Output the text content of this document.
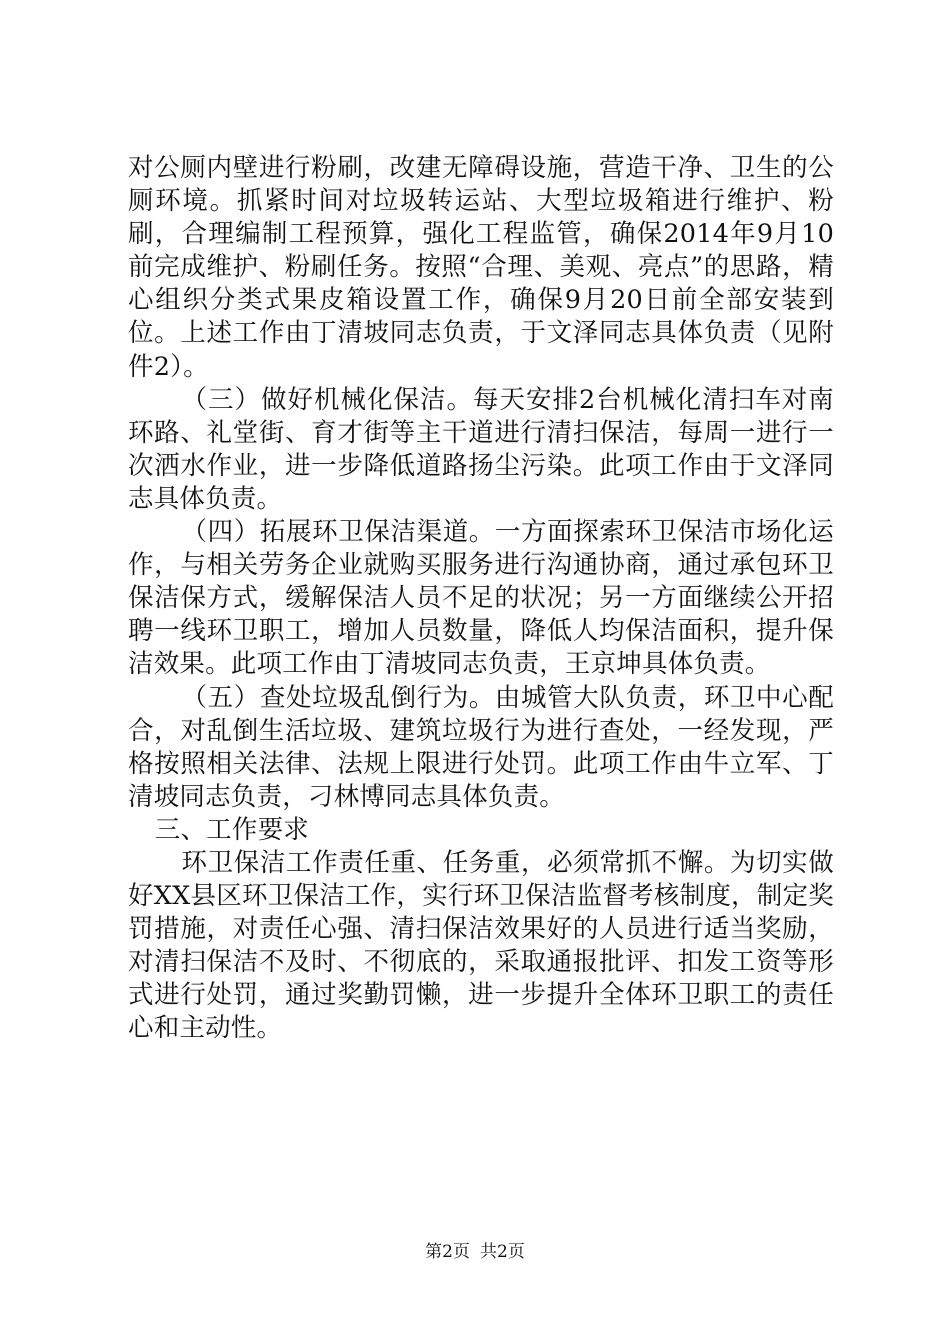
对公厕内壁进行粉刷，改建无障碍设施，营造干净、卫生的公厕环境。抓紧时间对垃圾转运站、大型垃圾箱进行维护、粉刷，合理编制工程预算，强化工程监管，确保2014年9月10前完成维护、粉刷任务。按照“合理、美观、亮点”的思路，精心组织分类式果皮箱设置工作，确保9月20日前全部安装到位。上述工作由丁清坡同志负责，于文泽同志具体负责（见附件2）。

（三）做好机械化保洁。每天安排2台机械化清扫车对南环路、礼堂街、育才街等主干道进行清扫保洁，每周一进行一次洒水作业，进一步降低道路扬尘污染。此项工作由于文泽同志具体负责。

（四）拓展环卫保洁渠道。一方面探索环卫保洁市场化运作，与相关劳务企业就购买服务进行沟通协商，通过承包环卫保洁保方式，缓解保洁人员不足的状况；另一方面继续公开招聘一线环卫职工，增加人员数量，降低人均保洁面积，提升保洁效果。此项工作由丁清坡同志负责，王京坤具体负责。

（五）查处垃圾乱倒行为。由城管大队负责，环卫中心配合，对乱倒生活垃圾、建筑垃圾行为进行查处，一经发现，严格按照相关法律、法规上限进行处罚。此项工作由牛立军、丁清坡同志负责，刁林博同志具体负责。

三、工作要求

环卫保洁工作责任重、任务重，必须常抓不懈。为切实做好XX县区环卫保洁工作，实行环卫保洁监督考核制度，制定奖罚措施，对责任心强、清扫保洁效果好的人员进行适当奖励，对清扫保洁不及时、不彻底的，采取通报批评、扣发工资等形式进行处罚，通过奖勤罚懒，进一步提升全体环卫职工的责任心和主动性。

第2页 共2页
